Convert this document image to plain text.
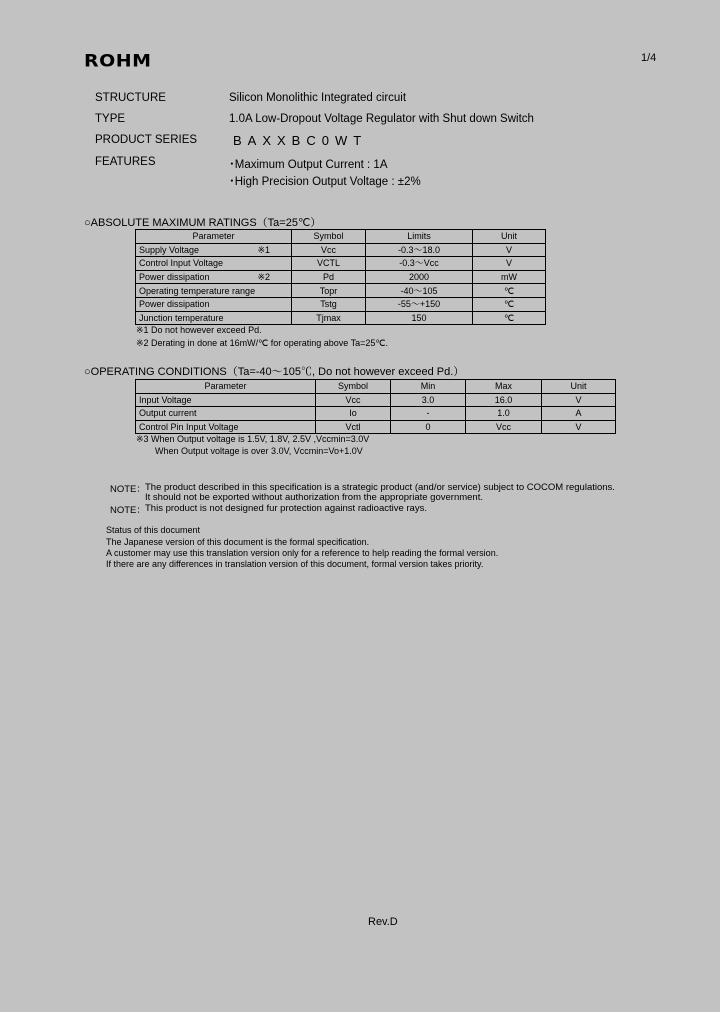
ROHM	1/4
STRUCTURE	Silicon Monolithic Integrated circuit
TYPE	1.0A Low-Dropout Voltage Regulator with Shut down Switch
PRODUCT SERIES	BAXXBC0WT
FEATURES	･Maximum Output Current : 1A
･High Precision Output Voltage : ±2%
○ABSOLUTE MAXIMUM RATINGS（Ta=25℃）
Parameter	Symbol	Limits	Unit
Supply Voltage ※1	Vcc	-0.3～18.0	V
Control Input Voltage	VCTL	-0.3～Vcc	V
Power dissipation ※2	Pd	2000	mW
Operating temperature range	Topr	-40～105	℃
Power dissipation	Tstg	-55～+150	℃
Junction temperature	Tjmax	150	℃
※1 Do not however exceed Pd.
※2 Derating in done at 16mW/℃ for operating above Ta=25℃.
○OPERATING CONDITIONS（Ta=-40～105℃, Do not however exceed Pd.）
Parameter	Symbol	Min	Max	Unit
Input Voltage	Vcc	3.0	16.0	V
Output current	Io	-	1.0	A
Control Pin Input Voltage	Vctl	0	Vcc	V
※3 When Output voltage is 1.5V, 1.8V, 2.5V ,Vccmin=3.0V
When Output voltage is over 3.0V, Vccmin=Vo+1.0V
NOTE： The product described in this specification is a strategic product (and/or service) subject to COCOM regulations.
It should not be exported without authorization from the appropriate government.
NOTE： This product is not designed fur protection against radioactive rays.
Status of this document
The Japanese version of this document is the formal specification.
A customer may use this translation version only for a reference to help reading the formal version.
If there are any differences in translation version of this document, formal version takes priority.
Rev.D
